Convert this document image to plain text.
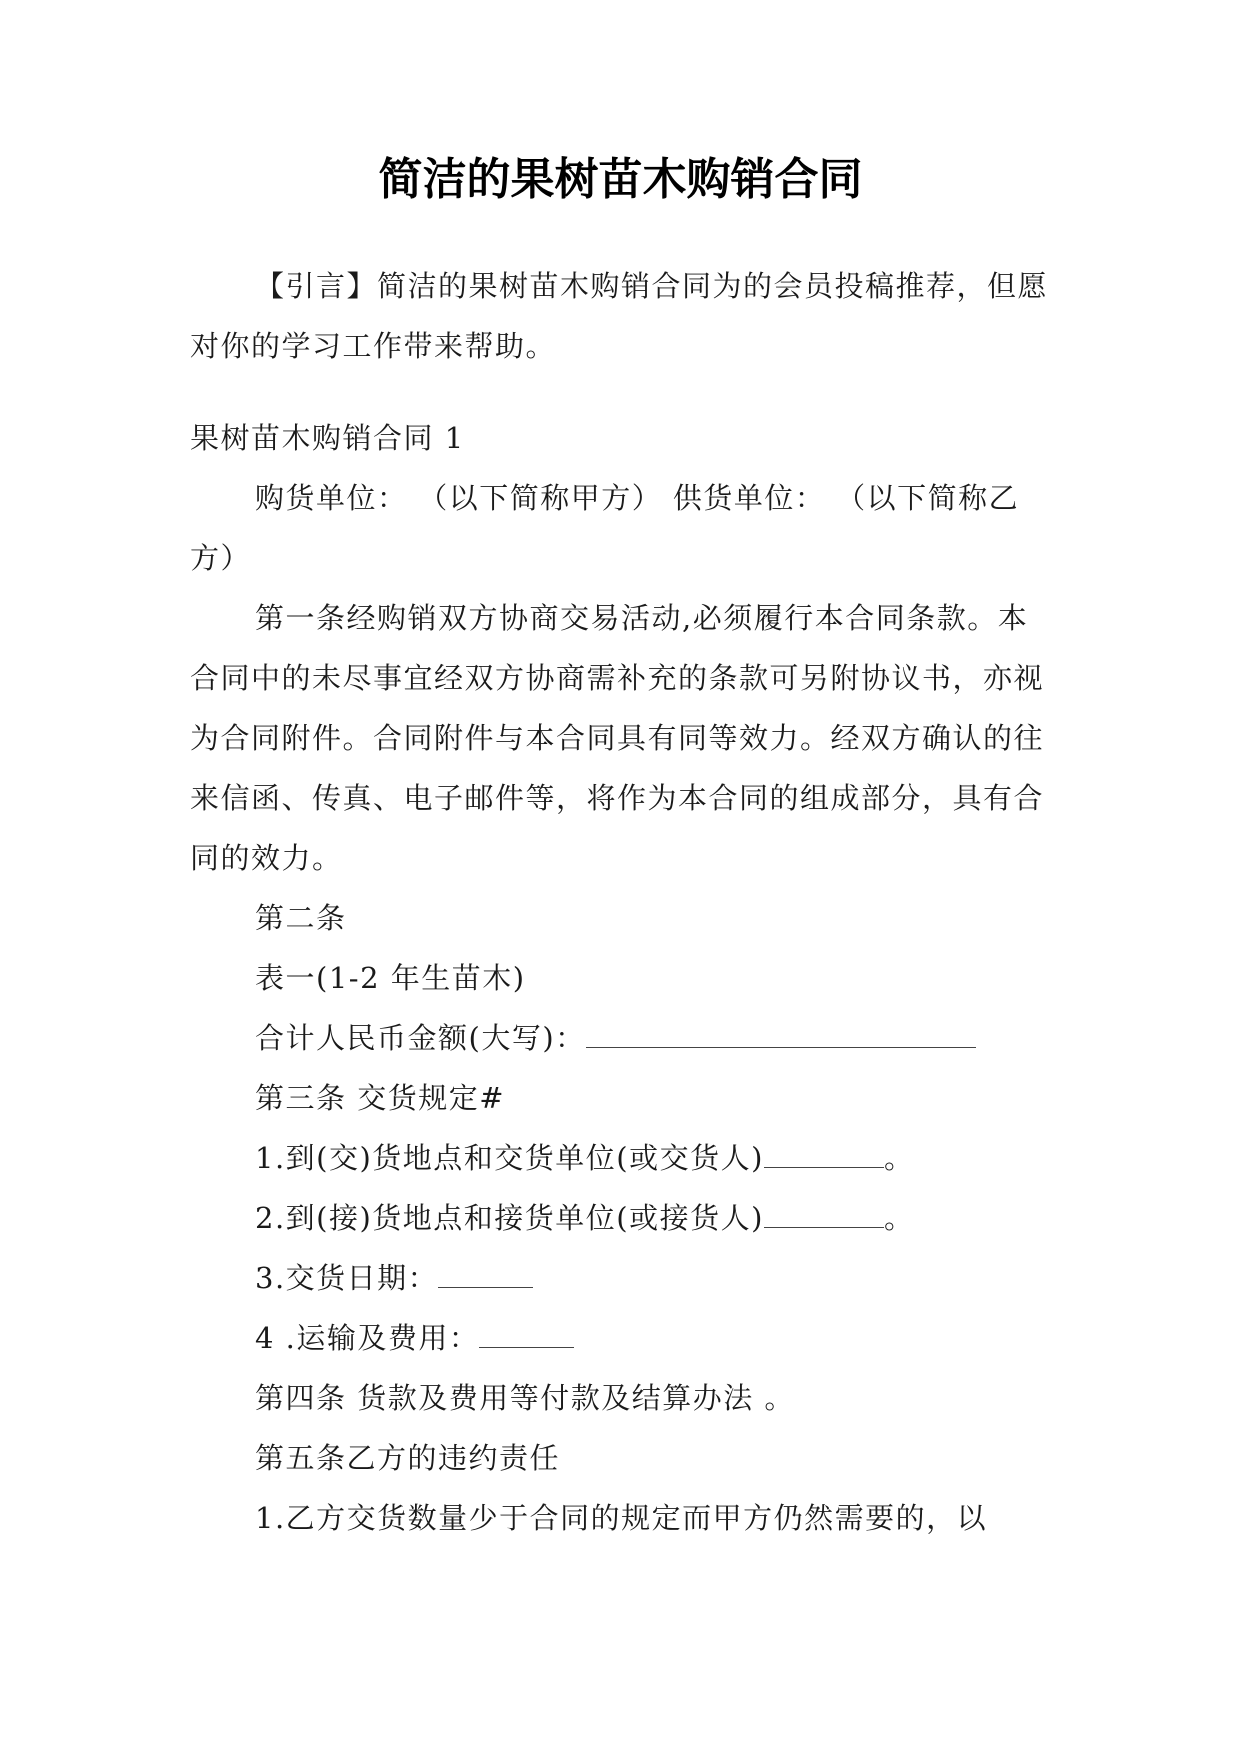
简洁的果树苗木购销合同

【引言】简洁的果树苗木购销合同为的会员投稿推荐，但愿对你的学习工作带来帮助。

果树苗木购销合同 1

购货单位： （以下简称甲方） 供货单位： （以下简称乙方）

第一条经购销双方协商交易活动,必须履行本合同条款。本合同中的未尽事宜经双方协商需补充的条款可另附协议书，亦视为合同附件。合同附件与本合同具有同等效力。经双方确认的往来信函、传真、电子邮件等，将作为本合同的组成部分，具有合同的效力。

第二条

表一(1-2 年生苗木)

合计人民币金额(大写)：

第三条 交货规定#

1.到(交)货地点和交货单位(或交货人)	。

2.到(接)货地点和接货单位(或接货人)	。

3.交货日期：

4 .运输及费用：

第四条 货款及费用等付款及结算办法 。

第五条乙方的违约责任

1.乙方交货数量少于合同的规定而甲方仍然需要的，以
